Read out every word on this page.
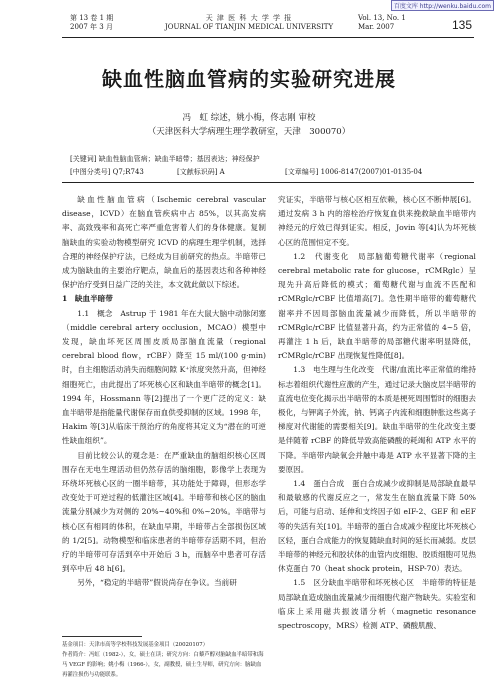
百度文库 http://wenku.baidu.com
第 13 卷 1 期
2007 年 3 月
天 津 医 科 大 学 学 报
JOURNAL OF TIANJIN MEDICAL UNIVERSITY
Vol. 13, No. 1
Mar. 2007	135
缺血性脑血管病的实验研究进展
冯　虹 综述，姚小梅，佟志刚 审校
（天津医科大学病理生理学教研室，天津　300070）
[关键词] 缺血性脑血管病；缺血半暗带；基因表达；神经保护
[中图分类号] Q7;R743	[文献标识码] A	[文章编号] 1006-8147(2007)01-0135-04

缺血性脑血管病（Ischemic cerebral vascular disease，ICVD）在脑血管疾病中占 85%，以其高发病率、高致残率和高死亡率严重危害着人们的身体健康。复制脑缺血的实验动物模型研究 ICVD 的病理生理学机制，选择合理的神经保护疗法，已经成为目前研究的热点。半暗带已成为脑缺血的主要治疗靶点，缺血后的基因表达和各种神经保护治疗受到日益广泛的关注，本文就此做以下综述。

1　缺血半暗带

1.1　概念　Astrup 于 1981 年在大鼠大脑中动脉闭塞（middle cerebral artery occlusion，MCAO）模型中发现，缺血坏死区周围皮质局部脑血流量（regional cerebral blood flow，rCBF）降至 15 ml/(100 g·min) 时，自主细胞活动消失而细胞间隙 K⁺浓度突然升高，但神经细胞死亡，由此提出了坏死核心区和缺血半暗带的概念[1]。1994 年，Hossmann 等[2]提出了一个更广泛的定义：缺血半暗带是指能量代谢保存而血供受抑制的区域。1998 年，Hakim 等[3]从临床干预治疗的角度将其定义为“潜在的可逆性缺血组织”。

目前比较公认的观念是：在严重缺血的脑组织核心区周围存在无电生理活动但仍然存活的脑细胞，影像学上表现为环绕坏死核心区的一圈半暗带，其功能处于障碍，但形态学改变处于可逆过程的低灌注区域[4]。半暗带和核心区的脑血流量分别减少为对侧的 20%~40%和 0%~20%。半暗带与核心区有相同的体积，在缺血早期，半暗带占全部损伤区域的 1/2[5]。动物模型和临床患者的半暗带存活期不同，但治疗的半暗带可存活到卒中开始后 3 h，而脑卒中患者可存活到卒中后 48 h[6]。

另外，“稳定的半暗带”假说尚存在争议。当前研

究证实，半暗带与核心区相互依赖，核心区不断伸展[6]。通过发病 3 h 内的溶栓治疗恢复血供来挽救缺血半暗带内神经元的疗效已得到证实。相反，Jovin 等[4]认为坏死核心区的范围恒定不变。

1.2　代谢变化　局部脑葡萄糖代谢率（regional cerebral metabolic rate for glucose，rCMRglc）呈现先升高后降低的模式；葡萄糖代谢与血流不匹配和 rCMRglc/rCBF 比值增高[7]。急性期半暗带的葡萄糖代谢率并不因局部脑血流量减少而降低，所以半暗带的 rCMRglc/rCBF 比值显著升高，约为正常值的 4~5 倍，再灌注 1 h 后，缺血半暗带的局部糖代谢率明显降低，rCMRglc/rCBF 出现恢复性降低[8]。

1.3　电生理与生化改变　代谢/血流比率正常值的维持标志着组织代谢性应激的产生，通过记录大脑皮层半暗带的直流电位变化揭示出半暗带的本质是梗死周围暂时的细胞去极化，与钾离子外流，钠、钙离子内流和细胞肿胀这些离子梯度对代谢能的需要相关[9]。缺血半暗带的生化改变主要是伴随着 rCBF 的降低导致高能磷酸的耗竭和 ATP 水平的下降。半暗带内缺氧会并触中毒是 ATP 水平显著下降的主要原因。

1.4　蛋白合成　蛋白合成减少或抑制是局部缺血最早和最敏感的代谢反应之一，常发生在脑血流量下降 50%后，可能与启动、延伸和支终因子如 eIF-2、GEF 和 eEF 等的失活有关[10]。半暗带的蛋白合成减少程度比坏死核心区轻，蛋白合成能力的恢复随缺血时间的延长而减弱。皮层半暗带的神经元和胶状体的血管内皮细胞、胶质细胞可见热休克蛋白 70（heat shock protein，HSP-70）表达。

1.5　区分缺血半暗带和坏死核心区　半暗带的特征是局部缺血造成脑血流量减少而细胞代谢产物缺失。实验室和临床上采用磁共振波谱分析（magnetic resonance spectroscopy，MRS）检测 ATP、磷酸肌酸、

基金项目：天津市高等学校科技发展基金项目（20020107）

作者简介：冯虹（1982-），女，硕士在读；研究方向：白藜芦醇对脑缺血半暗带和海马 VEGF 的影响；姚小梅（1966-），女，副教授，硕士生导师，研究方向：脑缺血再灌注损伤与功能联系。
